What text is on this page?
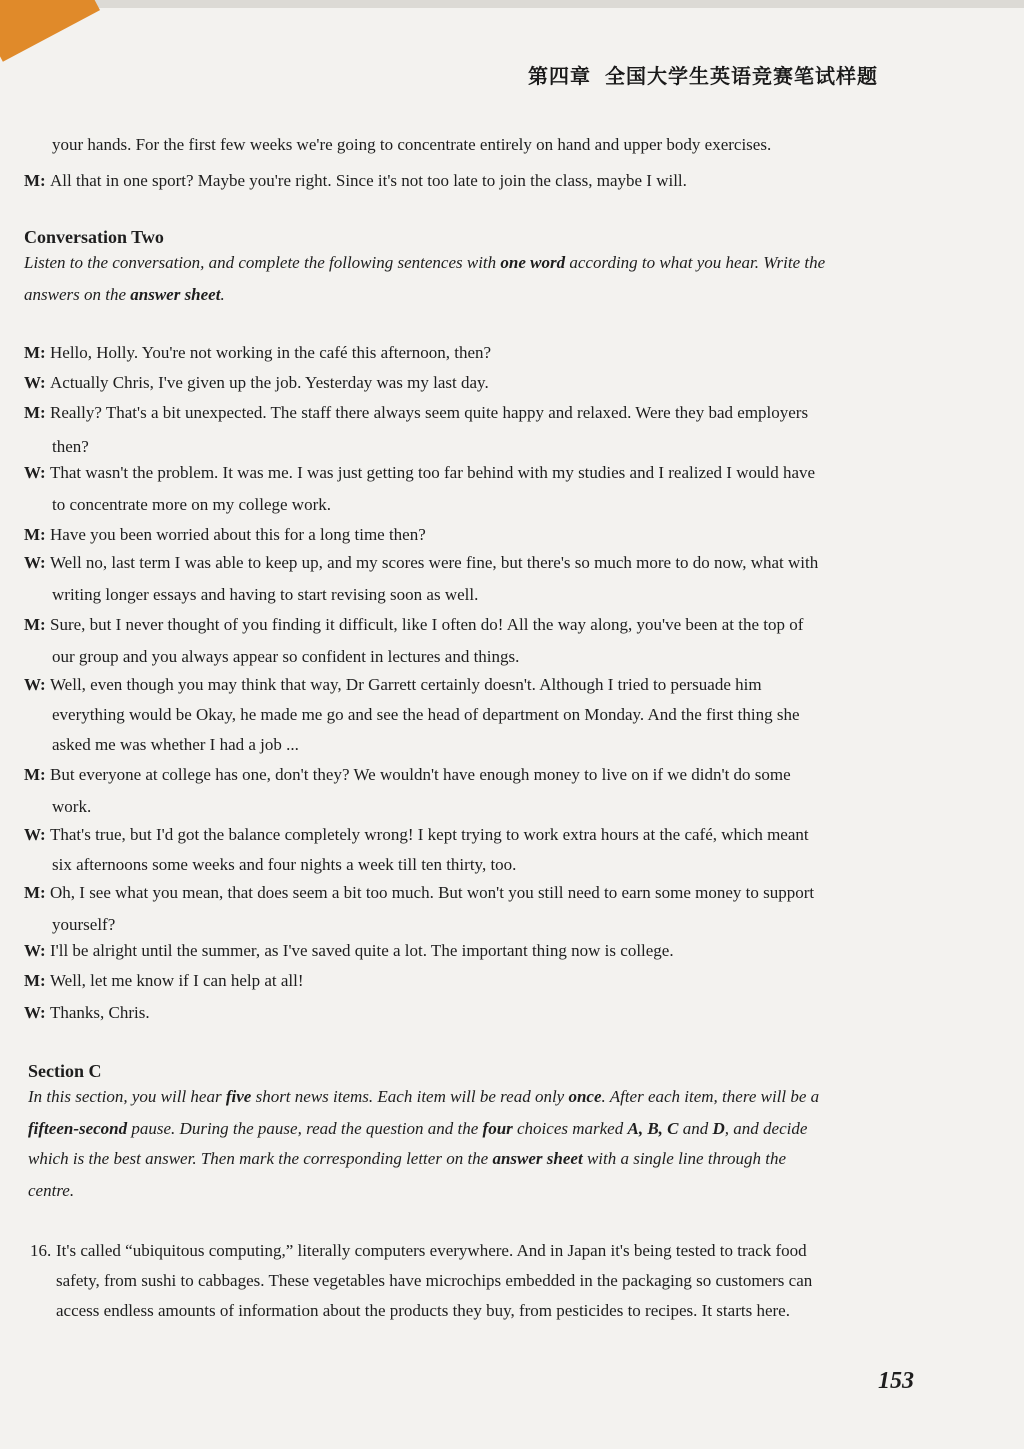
第四章 全国大学生英语竞赛笔试样题
your hands. For the first few weeks we're going to concentrate entirely on hand and upper body exercises.
M: All that in one sport? Maybe you're right. Since it's not too late to join the class, maybe I will.
Conversation Two
Listen to the conversation, and complete the following sentences with one word according to what you hear. Write the
answers on the answer sheet.
M: Hello, Holly. You're not working in the café this afternoon, then?
W: Actually Chris, I've given up the job. Yesterday was my last day.
M: Really? That's a bit unexpected. The staff there always seem quite happy and relaxed. Were they bad employers
then?
W: That wasn't the problem. It was me. I was just getting too far behind with my studies and I realized I would have
to concentrate more on my college work.
M: Have you been worried about this for a long time then?
W: Well no, last term I was able to keep up, and my scores were fine, but there's so much more to do now, what with
writing longer essays and having to start revising soon as well.
M: Sure, but I never thought of you finding it difficult, like I often do! All the way along, you've been at the top of
our group and you always appear so confident in lectures and things.
W: Well, even though you may think that way, Dr Garrett certainly doesn't. Although I tried to persuade him
everything would be Okay, he made me go and see the head of department on Monday. And the first thing she
asked me was whether I had a job ...
M: But everyone at college has one, don't they? We wouldn't have enough money to live on if we didn't do some
work.
W: That's true, but I'd got the balance completely wrong! I kept trying to work extra hours at the café, which meant
six afternoons some weeks and four nights a week till ten thirty, too.
M: Oh, I see what you mean, that does seem a bit too much. But won't you still need to earn some money to support
yourself?
W: I'll be alright until the summer, as I've saved quite a lot. The important thing now is college.
M: Well, let me know if I can help at all!
W: Thanks, Chris.
Section C
In this section, you will hear five short news items. Each item will be read only once. After each item, there will be a
fifteen-second pause. During the pause, read the question and the four choices marked A, B, C and D, and decide
which is the best answer. Then mark the corresponding letter on the answer sheet with a single line through the
centre.
16. It's called “ubiquitous computing,” literally computers everywhere. And in Japan it's being tested to track food
safety, from sushi to cabbages. These vegetables have microchips embedded in the packaging so customers can
access endless amounts of information about the products they buy, from pesticides to recipes. It starts here.
153
